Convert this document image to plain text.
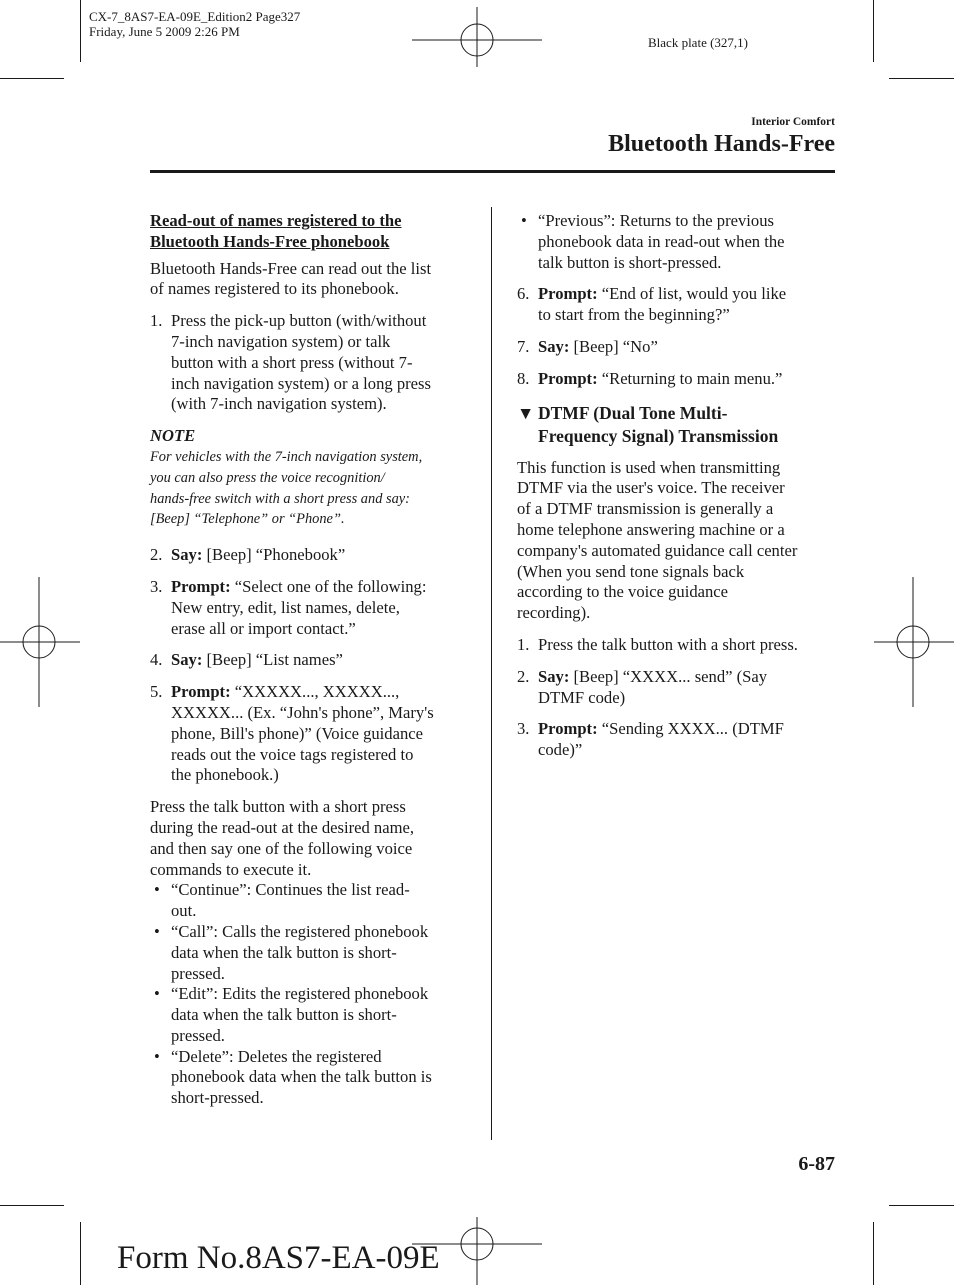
CX-7_8AS7-EA-09E_Edition2 Page327
Friday, June 5 2009 2:26 PM
Black plate (327,1)
Interior Comfort
Bluetooth Hands-Free

Read-out of names registered to the
Bluetooth Hands-Free phonebook

Bluetooth Hands-Free can read out the list
of names registered to its phonebook.

1. Press the pick-up button (with/without
7-inch navigation system) or talk
button with a short press (without 7-
inch navigation system) or a long press
(with 7-inch navigation system).

NOTE

For vehicles with the 7-inch navigation system,
you can also press the voice recognition/
hands-free switch with a short press and say:
[Beep] “Telephone” or “Phone”.

2. Say: [Beep] “Phonebook”
3. Prompt: “Select one of the following:
New entry, edit, list names, delete,
erase all or import contact.”
4. Say: [Beep] “List names”
5. Prompt: “XXXXX..., XXXXX...,
XXXXX... (Ex. “John's phone”, Mary's
phone, Bill's phone)” (Voice guidance
reads out the voice tags registered to
the phonebook.)

Press the talk button with a short press
during the read-out at the desired name,
and then say one of the following voice
commands to execute it.

• “Continue”: Continues the list read-
out.
• “Call”: Calls the registered phonebook
data when the talk button is short-
pressed.
• “Edit”: Edits the registered phonebook
data when the talk button is short-
pressed.
• “Delete”: Deletes the registered
phonebook data when the talk button is
short-pressed.
• “Previous”: Returns to the previous
phonebook data in read-out when the
talk button is short-pressed.
6. Prompt: “End of list, would you like
to start from the beginning?”
7. Say: [Beep] “No”
8. Prompt: “Returning to main menu.”
▼ DTMF (Dual Tone Multi-
Frequency Signal) Transmission

This function is used when transmitting
DTMF via the user's voice. The receiver
of a DTMF transmission is generally a
home telephone answering machine or a
company's automated guidance call center
(When you send tone signals back
according to the voice guidance
recording).

1. Press the talk button with a short press.
2. Say: [Beep] “XXXX... send” (Say
DTMF code)
3. Prompt: “Sending XXXX... (DTMF
code)”
6-87
Form No.8AS7-EA-09E
